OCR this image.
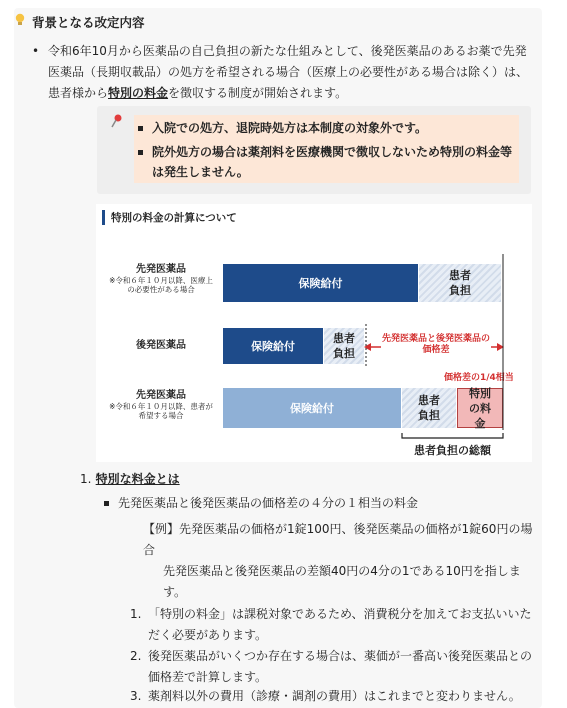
背景となる改定内容
• 令和6年10月から医薬品の自己負担の新たな仕組みとして、後発医薬品のあるお薬で先発医薬品（長期収載品）の処方を希望される場合（医療上の必要性がある場合は除く）は、患者様から特別の料金を徴収する制度が開始されます。
入院での処方、退院時処方は本制度の対象外です。
院外処方の場合は薬剤料を医療機関で徴収しないため特別の料金等は発生しません。
特別の料金の計算について
先発医薬品
※令和６年１０月以降、医療上の必要性がある場合	保険給付
患者負担
後発医薬品	保険給付
患者負担
先発医薬品と後発医薬品の価格差
先発医薬品
※令和６年１０月以降、患者が希望する場合
保険給付
患者負担
特別の料金
価格差の1/4相当
患者負担の総額
1. 特別な料金とは
先発医薬品と後発医薬品の価格差の４分の１相当の料金
【例】先発医薬品の価格が1錠100円、後発医薬品の価格が1錠60円の場合
先発医薬品と後発医薬品の差額40円の4分の1である10円を指します。
1. 「特別の料金」は課税対象であるため、消費税分を加えてお支払いいただく必要があります。
2. 後発医薬品がいくつか存在する場合は、薬価が一番高い後発医薬品との価格差で計算します。
3. 薬剤料以外の費用（診療・調剤の費用）はこれまでと変わりません。
